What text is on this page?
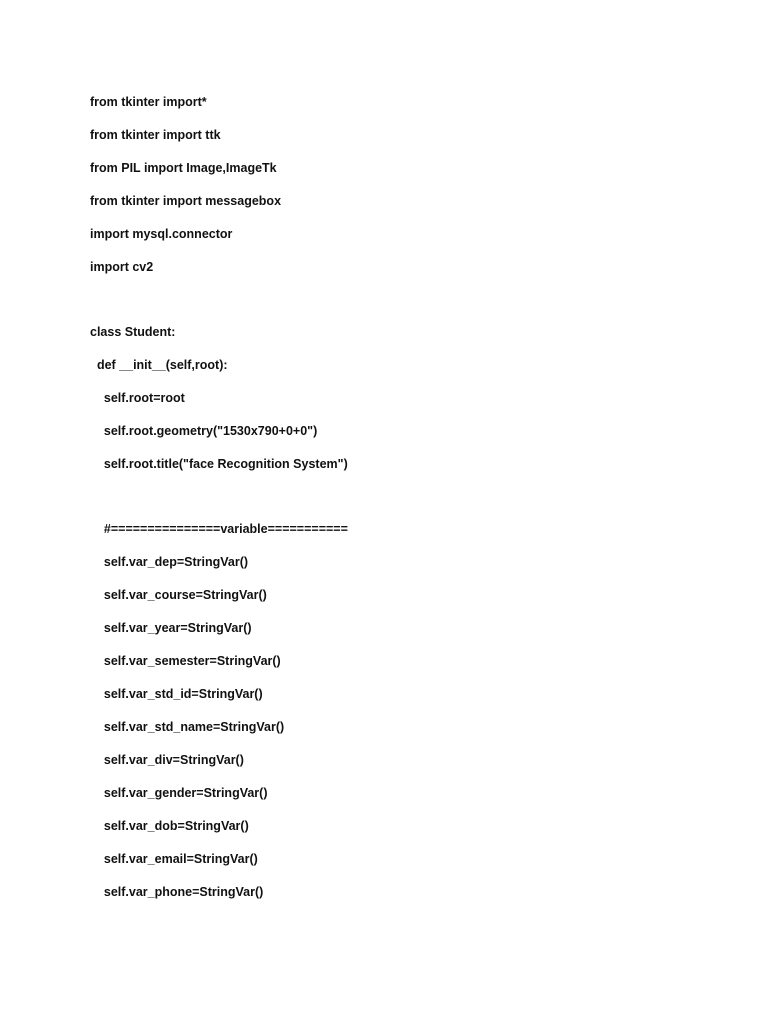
from tkinter import*
from tkinter import ttk
from PIL import Image,ImageTk
from tkinter import messagebox
import mysql.connector
import cv2
class Student:
def __init__(self,root):
self.root=root
self.root.geometry("1530x790+0+0")
self.root.title("face Recognition System")
#===============variable===========
self.var_dep=StringVar()
self.var_course=StringVar()
self.var_year=StringVar()
self.var_semester=StringVar()
self.var_std_id=StringVar()
self.var_std_name=StringVar()
self.var_div=StringVar()
self.var_gender=StringVar()
self.var_dob=StringVar()
self.var_email=StringVar()
self.var_phone=StringVar()
